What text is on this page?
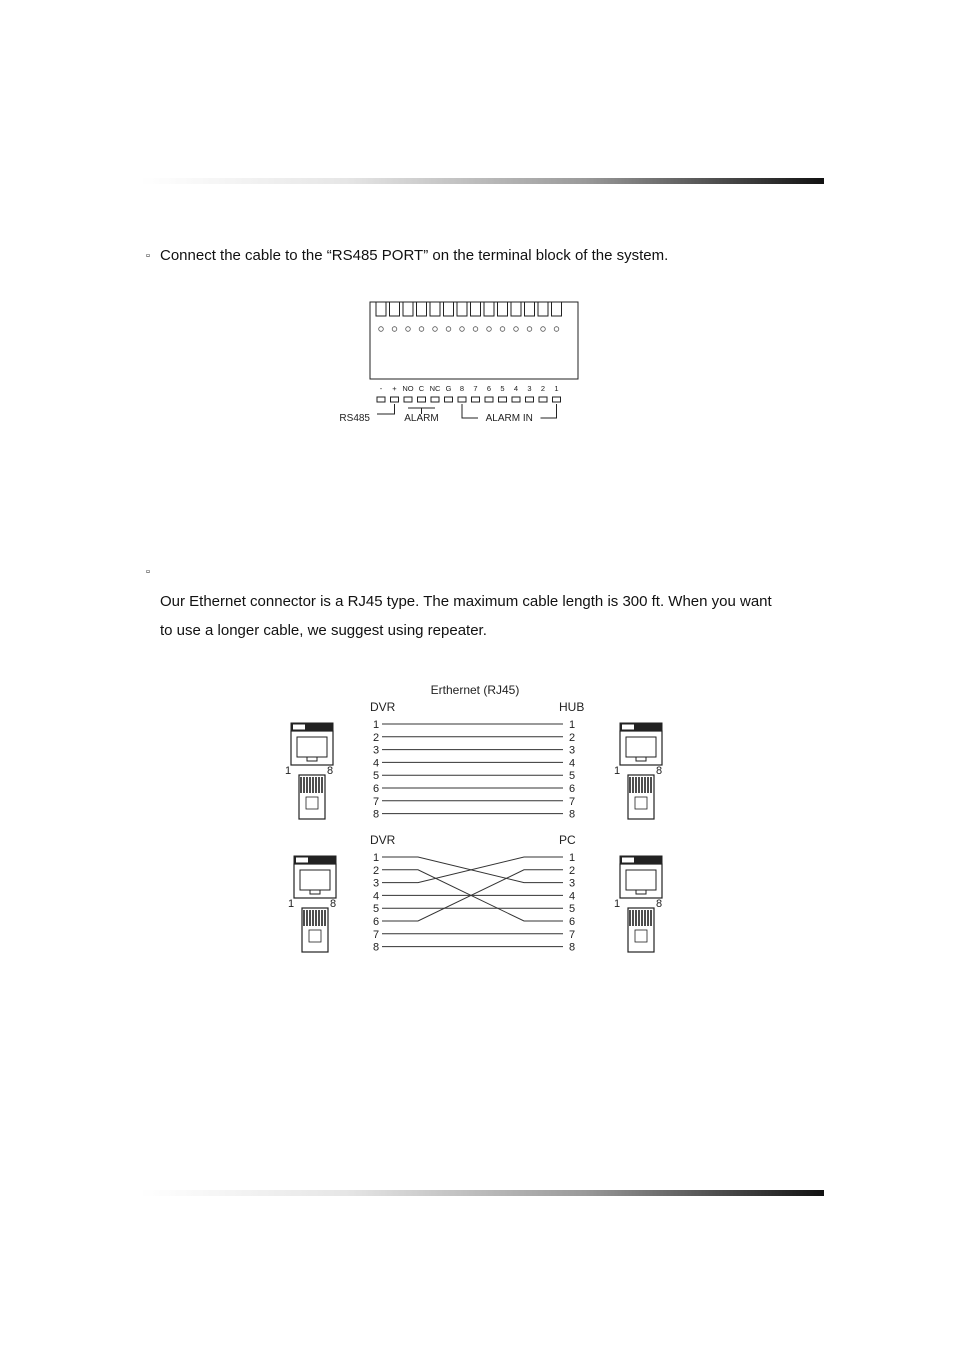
▫ Connect the cable to the “RS485 PORT” on the terminal block of the system.
- + NO C NC G 8 7 6 5 4 3 2 1
RS485	ALARM	ALARM IN
▫
Our Ethernet connector is a RJ45 type. The maximum cable length is 300 ft. When you want
to use a longer cable, we suggest using repeater.
Erthernet (RJ45)
DVR	HUB
1	1
2	2
3	3
4	4
5	5
6	6
7	7
8	8
DVR	PC
1	1
2	2
3	3
4	4
5	5
6	6
7	7
8	8
1	8	1	8
1	8	1	8
